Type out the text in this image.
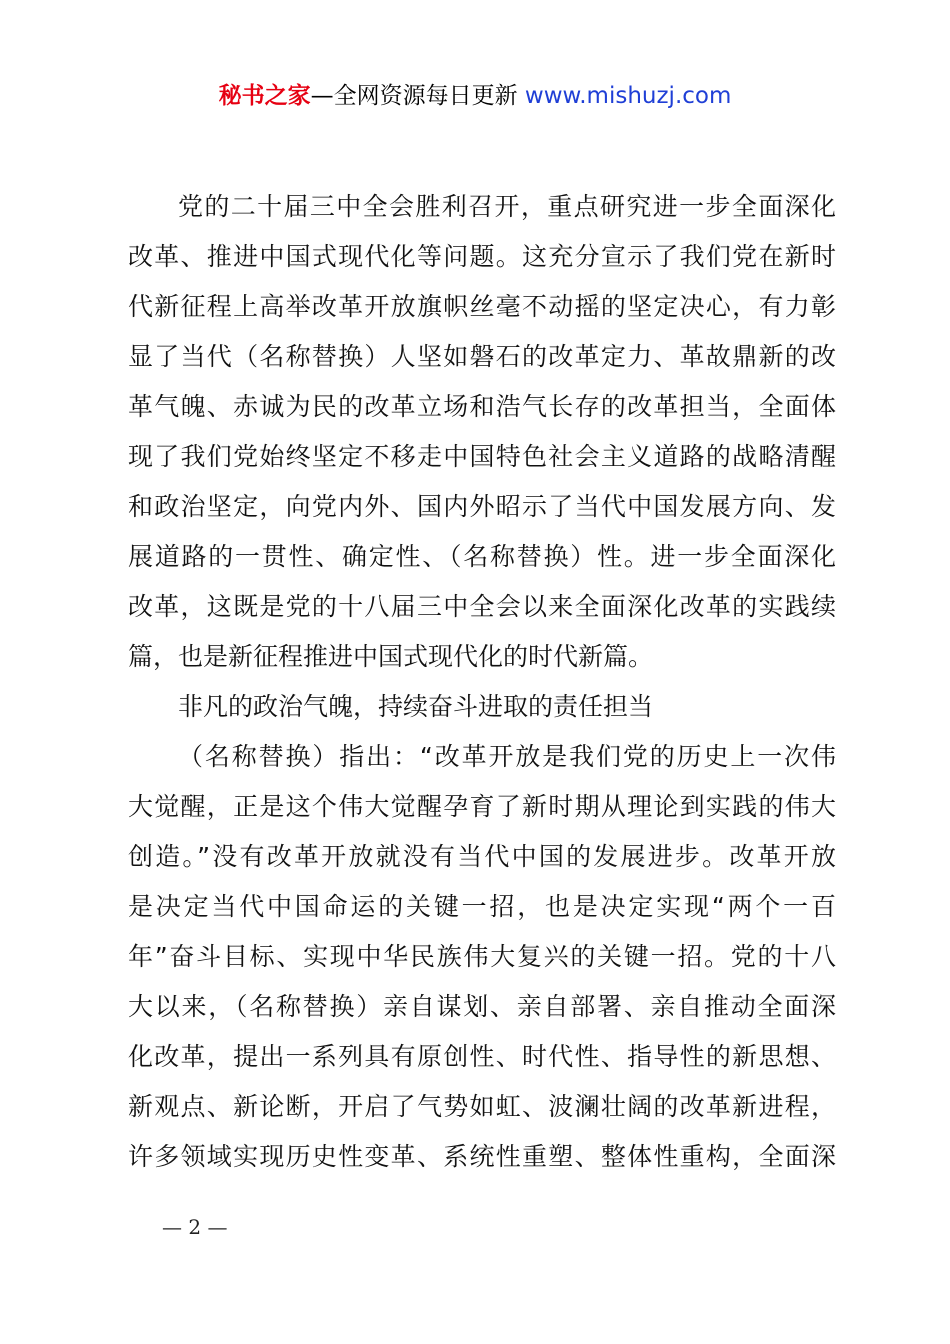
秘书之家—全网资源每日更新 www.mishuzj.com
党的二十届三中全会胜利召开，重点研究进一步全面深化
改革、推进中国式现代化等问题。这充分宣示了我们党在新时
代新征程上高举改革开放旗帜丝毫不动摇的坚定决心，有力彰
显了当代（名称替换）人坚如磐石的改革定力、革故鼎新的改
革气魄、赤诚为民的改革立场和浩气长存的改革担当，全面体
现了我们党始终坚定不移走中国特色社会主义道路的战略清醒
和政治坚定，向党内外、国内外昭示了当代中国发展方向、发
展道路的一贯性、确定性、（名称替换）性。进一步全面深化
改革，这既是党的十八届三中全会以来全面深化改革的实践续
篇，也是新征程推进中国式现代化的时代新篇。
非凡的政治气魄，持续奋斗进取的责任担当
（名称替换）指出：“改革开放是我们党的历史上一次伟
大觉醒，正是这个伟大觉醒孕育了新时期从理论到实践的伟大
创造。”没有改革开放就没有当代中国的发展进步。改革开放
是决定当代中国命运的关键一招，也是决定实现“两个一百
年”奋斗目标、实现中华民族伟大复兴的关键一招。党的十八
大以来，（名称替换）亲自谋划、亲自部署、亲自推动全面深
化改革，提出一系列具有原创性、时代性、指导性的新思想、
新观点、新论断，开启了气势如虹、波澜壮阔的改革新进程，
许多领域实现历史性变革、系统性重塑、整体性重构，全面深
— 2 —
